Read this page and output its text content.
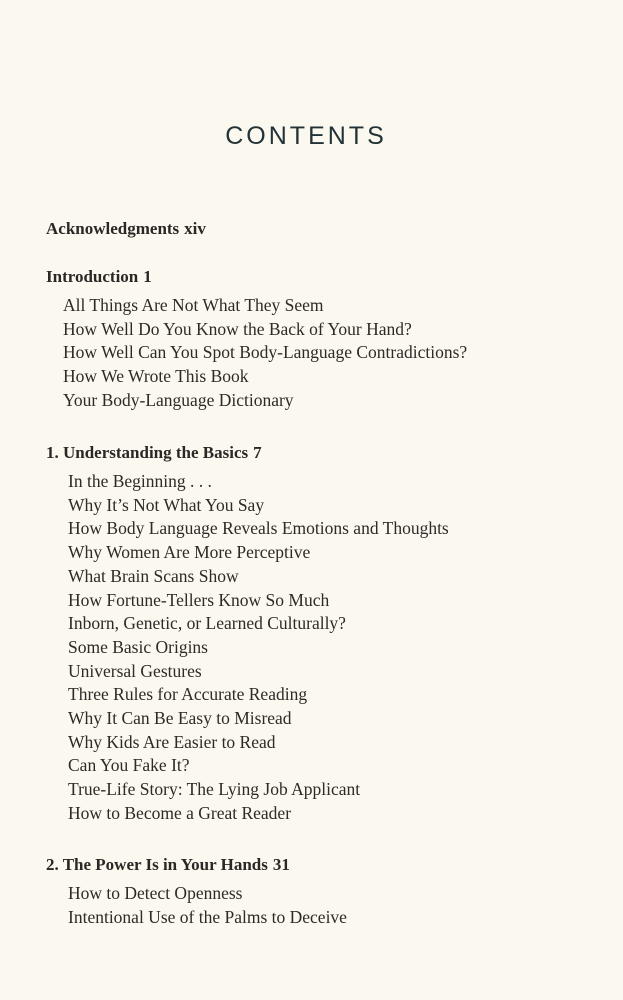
CONTENTS
Acknowledgments xiv
Introduction 1
All Things Are Not What They Seem
How Well Do You Know the Back of Your Hand?
How Well Can You Spot Body-Language Contradictions?
How We Wrote This Book
Your Body-Language Dictionary
1. Understanding the Basics 7
In the Beginning . . .
Why It’s Not What You Say
How Body Language Reveals Emotions and Thoughts
Why Women Are More Perceptive
What Brain Scans Show
How Fortune-Tellers Know So Much
Inborn, Genetic, or Learned Culturally?
Some Basic Origins
Universal Gestures
Three Rules for Accurate Reading
Why It Can Be Easy to Misread
Why Kids Are Easier to Read
Can You Fake It?
True-Life Story: The Lying Job Applicant
How to Become a Great Reader
2. The Power Is in Your Hands 31
How to Detect Openness
Intentional Use of the Palms to Deceive
